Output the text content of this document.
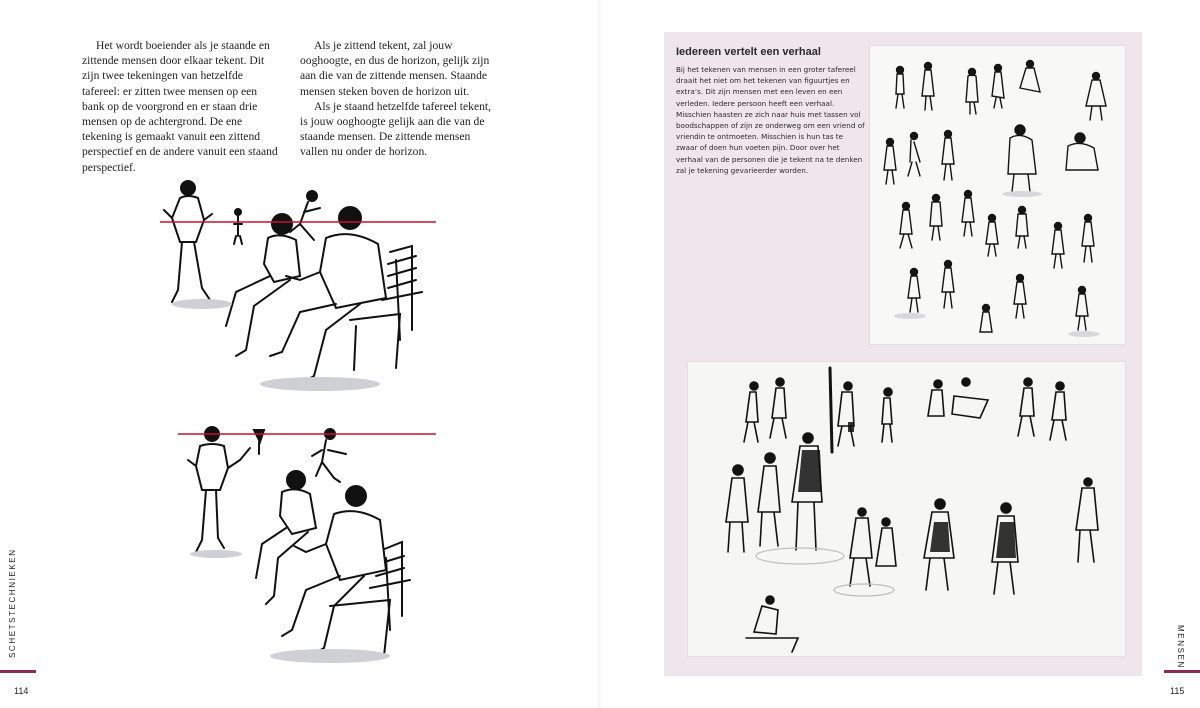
Het wordt boeiender als je staande en zittende mensen door elkaar tekent. Dit zijn twee tekeningen van hetzelfde tafereel: er zitten twee mensen op een bank op de voorgrond en er staan drie mensen op de achtergrond. De ene tekening is gemaakt vanuit een zittend perspectief en de andere vanuit een staand perspectief.

Als je zittend tekent, zal jouw ooghoogte, en dus de horizon, gelijk zijn aan die van de zittende mensen. Staande mensen steken boven de horizon uit.

Als je staand hetzelfde tafereel tekent, is jouw ooghoogte gelijk aan die van de staande mensen. De zittende mensen vallen nu onder de horizon.

SCHETSTECHNIEKEN
114
Iedereen vertelt een verhaal
Bij het tekenen van mensen in een groter tafereel draait het niet om het tekenen van figuurtjes en extra’s. Dit zijn mensen met een leven en een verleden. Iedere persoon heeft een verhaal. Misschien haasten ze zich naar huis met tassen vol boodschappen of zijn ze onderweg om een vriend of vriendin te ontmoeten. Misschien is hun tas te zwaar of doen hun voeten pijn. Door over het verhaal van de personen die je tekent na te denken zal je tekening gevarieerder worden.
MENSEN
115
